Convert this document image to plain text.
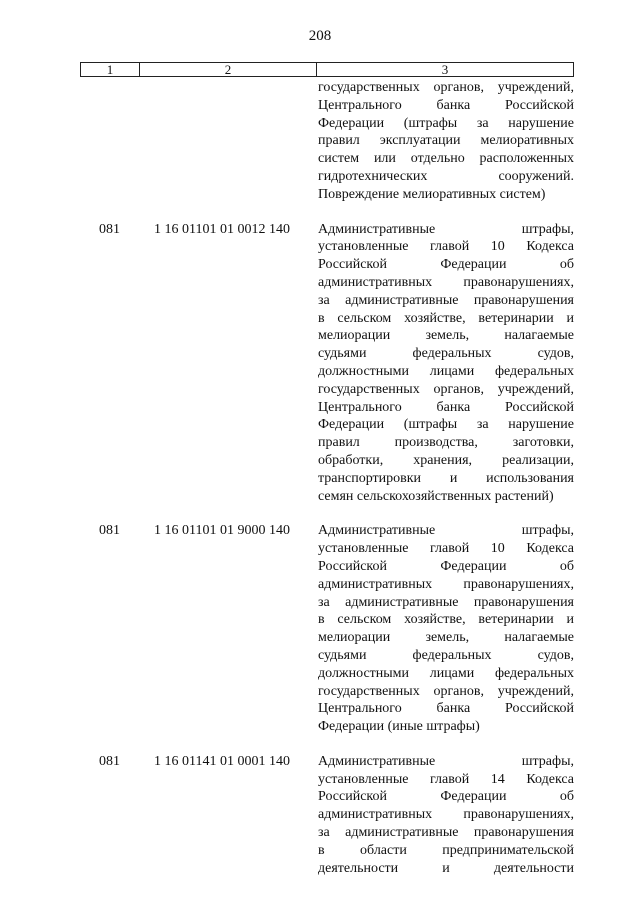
208
1	2	3
государственных органов, учреждений,
Центрального банка Российской
Федерации (штрафы за нарушение
правил эксплуатации мелиоративных
систем или отдельно расположенных
гидротехнических сооружений.
Повреждение мелиоративных систем)
081 1 16 01101 01 0012 140 Административные штрафы,
установленные главой 10 Кодекса
Российской Федерации об
административных правонарушениях,
за административные правонарушения
в сельском хозяйстве, ветеринарии и
мелиорации земель, налагаемые
судьями федеральных судов,
должностными лицами федеральных
государственных органов, учреждений,
Центрального банка Российской
Федерации (штрафы за нарушение
правил производства, заготовки,
обработки, хранения, реализации,
транспортировки и использования
семян сельскохозяйственных растений)
081 1 16 01101 01 9000 140 Административные штрафы,
установленные главой 10 Кодекса
Российской Федерации об
административных правонарушениях,
за административные правонарушения
в сельском хозяйстве, ветеринарии и
мелиорации земель, налагаемые
судьями федеральных судов,
должностными лицами федеральных
государственных органов, учреждений,
Центрального банка Российской
Федерации (иные штрафы)
081 1 16 01141 01 0001 140 Административные штрафы,
установленные главой 14 Кодекса
Российской Федерации об
административных правонарушениях,
за административные правонарушения
в области предпринимательской
деятельности и деятельности
